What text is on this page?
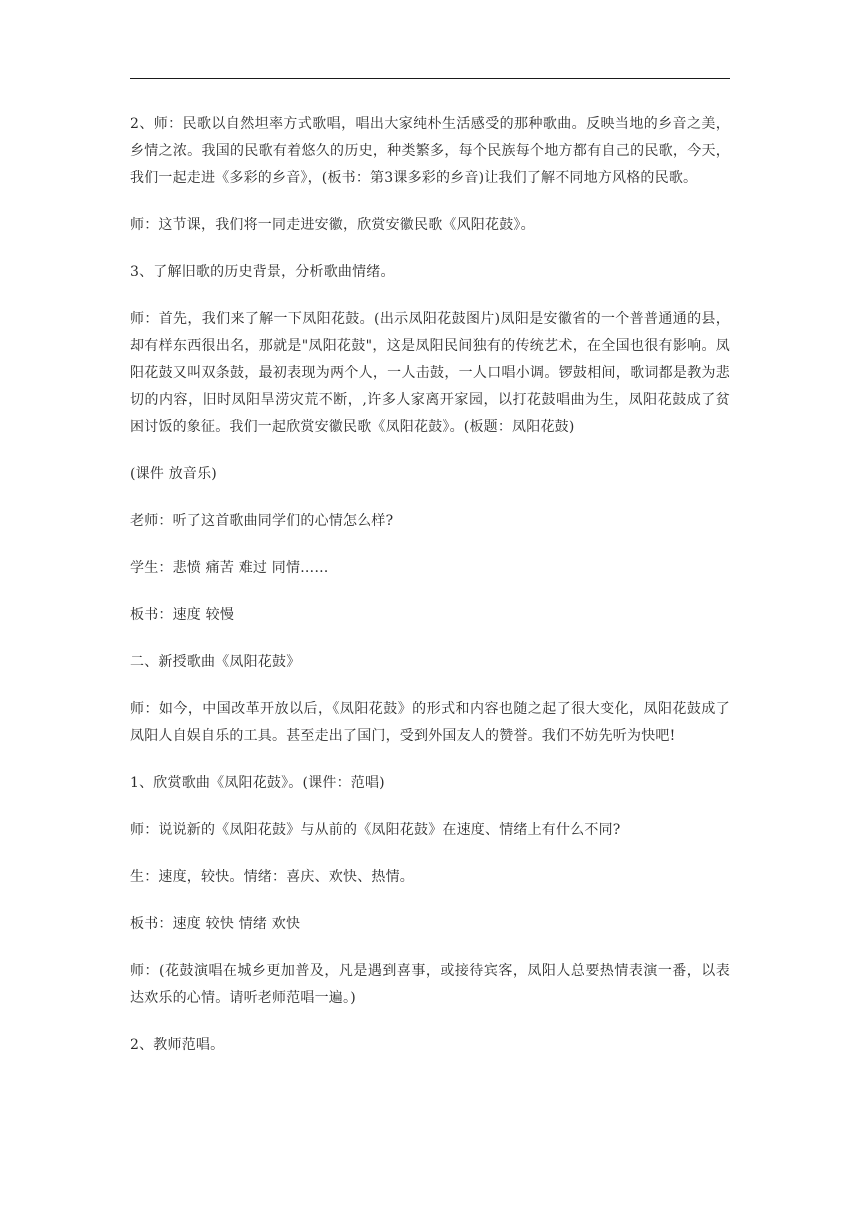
2、师：民歌以自然坦率方式歌唱，唱出大家纯朴生活感受的那种歌曲。反映当地的乡音之美，乡情之浓。我国的民歌有着悠久的历史，种类繁多，每个民族每个地方都有自己的民歌，今天，我们一起走进《多彩的乡音》，(板书：第3课多彩的乡音)让我们了解不同地方风格的民歌。

师：这节课，我们将一同走进安徽，欣赏安徽民歌《风阳花鼓》。

3、了解旧歌的历史背景，分析歌曲情绪。

师：首先，我们来了解一下凤阳花鼓。(出示凤阳花鼓图片)凤阳是安徽省的一个普普通通的县，却有样东西很出名，那就是"凤阳花鼓"，这是凤阳民间独有的传统艺术，在全国也很有影响。凤阳花鼓又叫双条鼓，最初表现为两个人，一人击鼓，一人口唱小调。锣鼓相间，歌词都是教为悲切的内容，旧时凤阳旱涝灾荒不断，,许多人家离开家园，以打花鼓唱曲为生，凤阳花鼓成了贫困讨饭的象征。我们一起欣赏安徽民歌《凤阳花鼓》。(板题：凤阳花鼓)

(课件 放音乐)

老师：听了这首歌曲同学们的心情怎么样?

学生：悲愤 痛苦 难过 同情……

板书：速度 较慢

二、新授歌曲《凤阳花鼓》

师：如今，中国改革开放以后，《凤阳花鼓》的形式和内容也随之起了很大变化，凤阳花鼓成了凤阳人自娱自乐的工具。甚至走出了国门，受到外国友人的赞誉。我们不妨先听为快吧!

1、欣赏歌曲《凤阳花鼓》。(课件：范唱)

师：说说新的《凤阳花鼓》与从前的《凤阳花鼓》在速度、情绪上有什么不同?

生：速度，较快。情绪：喜庆、欢快、热情。

板书：速度 较快 情绪 欢快

师：(花鼓演唱在城乡更加普及，凡是遇到喜事，或接待宾客，凤阳人总要热情表演一番，以表达欢乐的心情。请听老师范唱一遍。)

2、教师范唱。
